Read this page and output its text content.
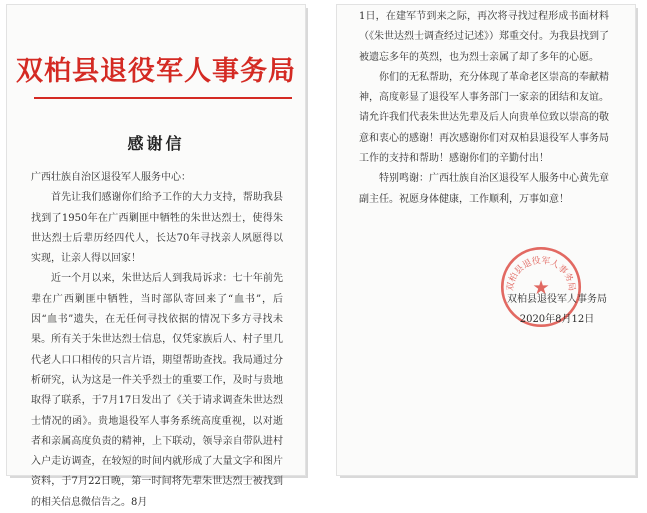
双柏县退役军人事务局
感谢信

广西壮族自治区退役军人服务中心：

首先让我们感谢你们给予工作的大力支持，帮助我县找到了1950年在广西剿匪中牺牲的朱世达烈士，使得朱世达烈士后辈历经四代人，长达70年寻找亲人夙愿得以实现，让亲人得以回家！

近一个月以来，朱世达后人到我局诉求：七十年前先辈在广西剿匪中牺牲，当时部队寄回来了“血书”，后因“血书”遗失，在无任何寻找依据的情况下多方寻找未果。所有关于朱世达烈士信息，仅凭家族后人、村子里几代老人口口相传的只言片语，期望帮助查找。我局通过分析研究，认为这是一件关乎烈士的重要工作，及时与贵地取得了联系，于7月17日发出了《关于请求调查朱世达烈士情况的函》。贵地退役军人事务系统高度重视，以对逝者和亲属高度负责的精神，上下联动，领导亲自带队进村入户走访调查，在较短的时间内就形成了大量文字和图片资料，于7月22日晚，第一时间将先辈朱世达烈士被找到的相关信息微信告之。8月

1日，在建军节到来之际，再次将寻找过程形成书面材料（《朱世达烈士调查经过记述》）郑重交付。为我县找到了被遗忘多年的英烈，也为烈士亲属了却了多年的心愿。

你们的无私帮助，充分体现了革命老区崇高的奉献精神，高度彰显了退役军人事务部门一家亲的团结和友谊。请允许我们代表朱世达先辈及后人向贵单位致以崇高的敬意和衷心的感谢！再次感谢你们对双柏县退役军人事务局工作的支持和帮助！感谢你们的辛勤付出！

特别鸣谢：广西壮族自治区退役军人服务中心黄先章副主任。祝愿身体健康，工作顺利，万事如意！

双柏县退役军人事务局
★
双柏县退役军人事务局
2020年8月12日
